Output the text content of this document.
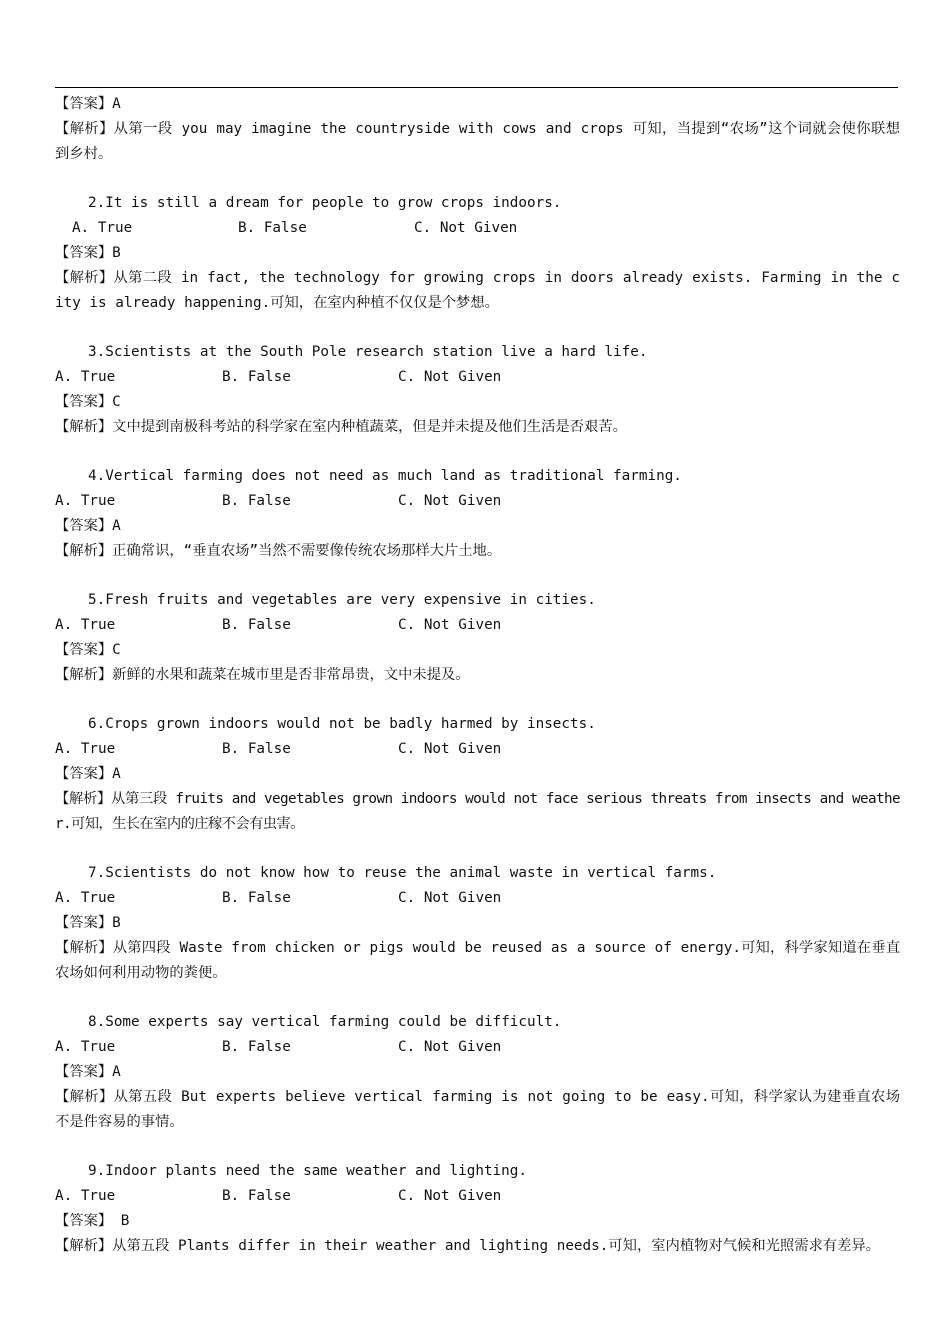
【答案】A

【解析】从第一段 you may imagine the countryside with cows and crops 可知，当提到“农场”这个词就会使你联想到乡村。

2.It is still a dream for people to grow crops indoors.

A. True	B. False	C. Not Given

【答案】B

【解析】从第二段 in fact, the technology for growing crops in doors already exists. Farming in the city is already happening.可知，在室内种植不仅仅是个梦想。

3.Scientists at the South Pole research station live a hard life.

A. True	B. False	C. Not Given

【答案】C

【解析】文中提到南极科考站的科学家在室内种植蔬菜，但是并未提及他们生活是否艰苦。

4.Vertical farming does not need as much land as traditional farming.

A. True	B. False	C. Not Given

【答案】A

【解析】正确常识，“垂直农场”当然不需要像传统农场那样大片土地。

5.Fresh fruits and vegetables are very expensive in cities.

A. True	B. False	C. Not Given

【答案】C

【解析】新鲜的水果和蔬菜在城市里是否非常昂贵，文中未提及。

6.Crops grown indoors would not be badly harmed by insects.

A. True	B. False	C. Not Given

【答案】A

【解析】从第三段 fruits and vegetables grown indoors would not face serious threats from insects and weather.可知，生长在室内的庄稼不会有虫害。

7.Scientists do not know how to reuse the animal waste in vertical farms.

A. True	B. False	C. Not Given

【答案】B

【解析】从第四段 Waste from chicken or pigs would be reused as a source of energy.可知，科学家知道在垂直农场如何利用动物的粪便。

8.Some experts say vertical farming could be difficult.

A. True	B. False	C. Not Given

【答案】A

【解析】从第五段 But experts believe vertical farming is not going to be easy.可知，科学家认为建垂直农场不是件容易的事情。

9.Indoor plants need the same weather and lighting.

A. True	B. False	C. Not Given

【答案】 B

【解析】从第五段 Plants differ in their weather and lighting needs.可知，室内植物对气候和光照需求有差异。
